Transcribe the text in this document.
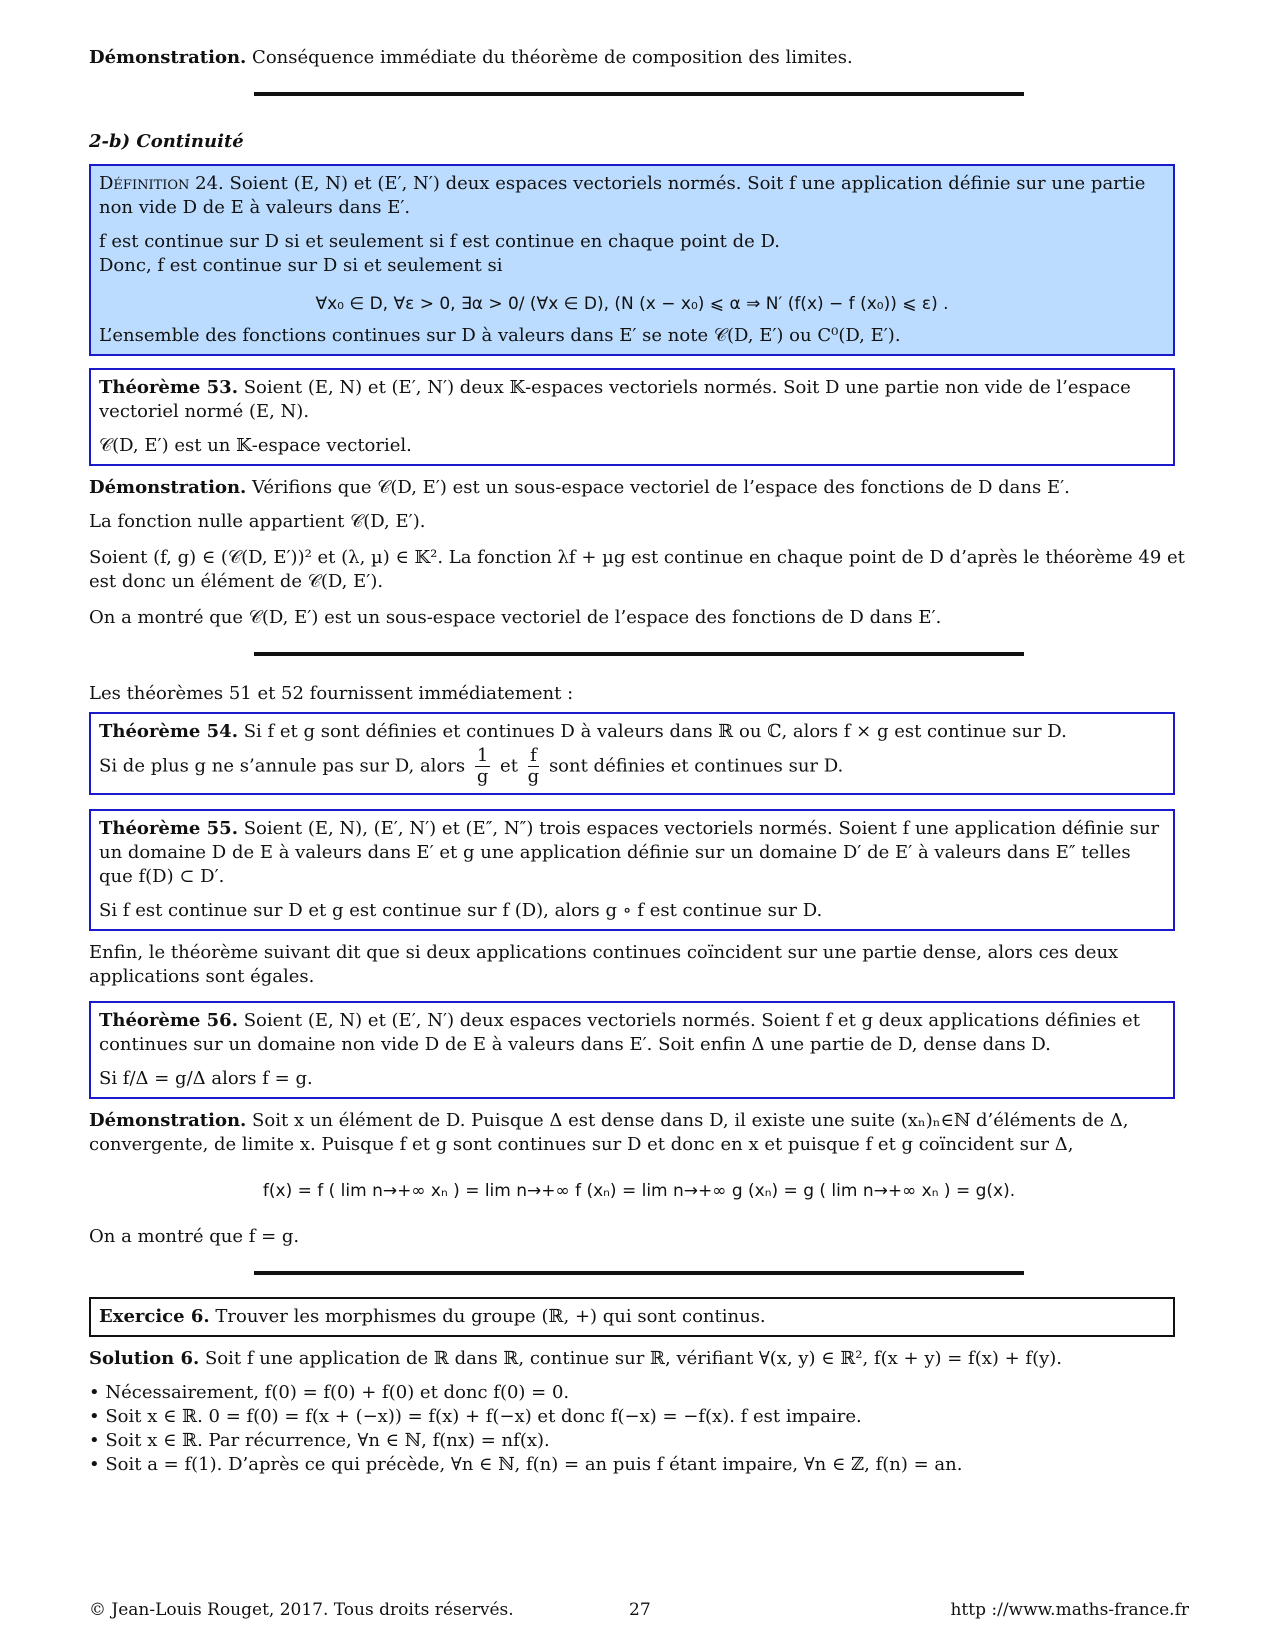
Démonstration. Conséquence immédiate du théorème de composition des limites.

2-b) Continuité

Définition 24. Soient (E, N) et (E′, N′) deux espaces vectoriels normés. Soit f une application définie sur une partie non vide D de E à valeurs dans E′.

f est continue sur D si et seulement si f est continue en chaque point de D.

Donc, f est continue sur D si et seulement si

∀x₀ ∈ D, ∀ε > 0, ∃α > 0/ (∀x ∈ D), (N (x − x₀) ⩽ α ⇒ N′ (f(x) − f (x₀)) ⩽ ε) .

L’ensemble des fonctions continues sur D à valeurs dans E′ se note 𝒞(D, E′) ou C⁰(D, E′).

Théorème 53. Soient (E, N) et (E′, N′) deux 𝕂-espaces vectoriels normés. Soit D une partie non vide de l’espace vectoriel normé (E, N).

𝒞(D, E′) est un 𝕂-espace vectoriel.

Démonstration. Vérifions que 𝒞(D, E′) est un sous-espace vectoriel de l’espace des fonctions de D dans E′.

La fonction nulle appartient 𝒞(D, E′).

Soient (f, g) ∈ (𝒞(D, E′))² et (λ, µ) ∈ 𝕂². La fonction λf + µg est continue en chaque point de D d’après le théorème 49 et est donc un élément de 𝒞(D, E′).

On a montré que 𝒞(D, E′) est un sous-espace vectoriel de l’espace des fonctions de D dans E′.

Les théorèmes 51 et 52 fournissent immédiatement :

Théorème 54. Si f et g sont définies et continues D à valeurs dans ℝ ou ℂ, alors f × g est continue sur D.

Si de plus g ne s’annule pas sur D, alors $\frac{1}{g}$ et $\frac{f}{g}$ sont définies et continues sur D.

Théorème 55. Soient (E, N), (E′, N′) et (E″, N″) trois espaces vectoriels normés. Soient f une application définie sur un domaine D de E à valeurs dans E′ et g une application définie sur un domaine D′ de E′ à valeurs dans E″ telles que f(D) ⊂ D′.

Si f est continue sur D et g est continue sur f (D), alors g ∘ f est continue sur D.

Enfin, le théorème suivant dit que si deux applications continues coïncident sur une partie dense, alors ces deux applications sont égales.

Théorème 56. Soient (E, N) et (E′, N′) deux espaces vectoriels normés. Soient f et g deux applications définies et continues sur un domaine non vide D de E à valeurs dans E′. Soit enfin Δ une partie de D, dense dans D.

Si f/Δ = g/Δ alors f = g.

Démonstration. Soit x un élément de D. Puisque Δ est dense dans D, il existe une suite (xₙ)ₙ∈ℕ d’éléments de Δ, convergente, de limite x. Puisque f et g sont continues sur D et donc en x et puisque f et g coïncident sur Δ,

f(x) = f ( lim n→+∞ xₙ ) = lim n→+∞ f (xₙ) = lim n→+∞ g (xₙ) = g ( lim n→+∞ xₙ ) = g(x).

On a montré que f = g.

Exercice 6. Trouver les morphismes du groupe (ℝ, +) qui sont continus.

Solution 6. Soit f une application de ℝ dans ℝ, continue sur ℝ, vérifiant ∀(x, y) ∈ ℝ², f(x + y) = f(x) + f(y).

• Nécessairement, f(0) = f(0) + f(0) et donc f(0) = 0.
• Soit x ∈ ℝ. 0 = f(0) = f(x + (−x)) = f(x) + f(−x) et donc f(−x) = −f(x). f est impaire.
• Soit x ∈ ℝ. Par récurrence, ∀n ∈ ℕ, f(nx) = nf(x).
• Soit a = f(1). D’après ce qui précède, ∀n ∈ ℕ, f(n) = an puis f étant impaire, ∀n ∈ ℤ, f(n) = an.
© Jean-Louis Rouget, 2017. Tous droits réservés.	27	http ://www.maths-france.fr
